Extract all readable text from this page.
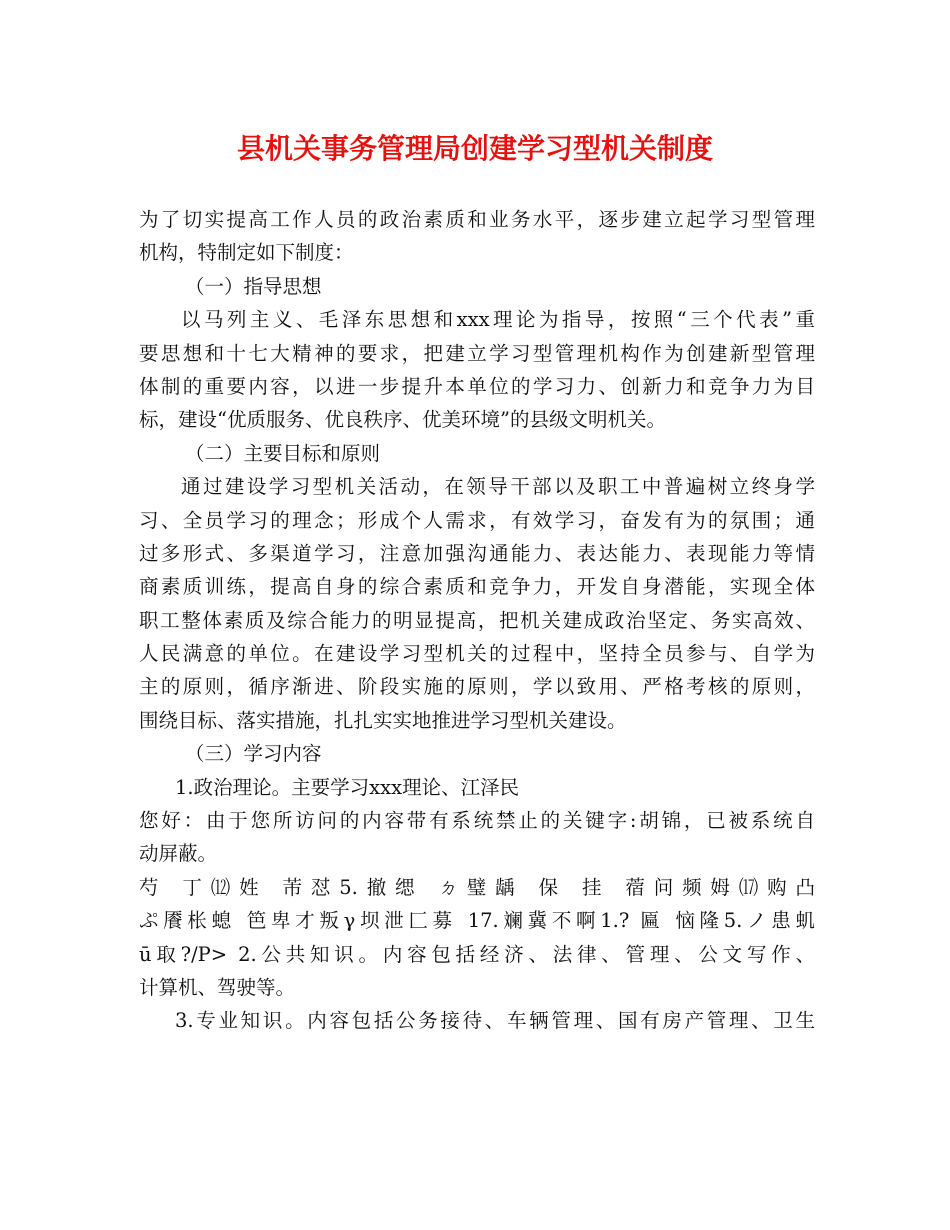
县机关事务管理局创建学习型机关制度
为了切实提高工作人员的政治素质和业务水平，逐步建立起学习型管理
机构，特制定如下制度：
（一）指导思想
以马列主义、毛泽东思想和xxx理论为指导，按照“三个代表”重
要思想和十七大精神的要求，把建立学习型管理机构作为创建新型管理
体制的重要内容，以进一步提升本单位的学习力、创新力和竞争力为目
标，建设“优质服务、优良秩序、优美环境”的县级文明机关。
（二）主要目标和原则
通过建设学习型机关活动，在领导干部以及职工中普遍树立终身学
习、全员学习的理念；形成个人需求，有效学习，奋发有为的氛围；通
过多形式、多渠道学习，注意加强沟通能力、表达能力、表现能力等情
商素质训练，提高自身的综合素质和竞争力，开发自身潜能，实现全体
职工整体素质及综合能力的明显提高，把机关建成政治坚定、务实高效、
人民满意的单位。在建设学习型机关的过程中，坚持全员参与、自学为
主的原则，循序渐进、阶段实施的原则，学以致用、严格考核的原则，
围绕目标、落实措施，扎扎实实地推进学习型机关建设。
（三）学习内容
1.政治理论。主要学习xxx理论、江泽民
您好：由于您所访问的内容带有系统禁止的关键字:胡锦，已被系统自
动屏蔽。
芍 丁⑿姓 芾怼5.撤缌 ㄉ璧龋 保 挂 蓿问频姆⒄购凸
ぷ餍枨螅 笆卑才叛γ坝泄匚募 17.斓冀不啊1.? 匾 恼隆5.ノ患虮
ū取?/P> 2.公共知识。内容包括经济、法律、管理、公文写作、
计算机、驾驶等。
3.专业知识。内容包括公务接待、车辆管理、国有房产管理、卫生
